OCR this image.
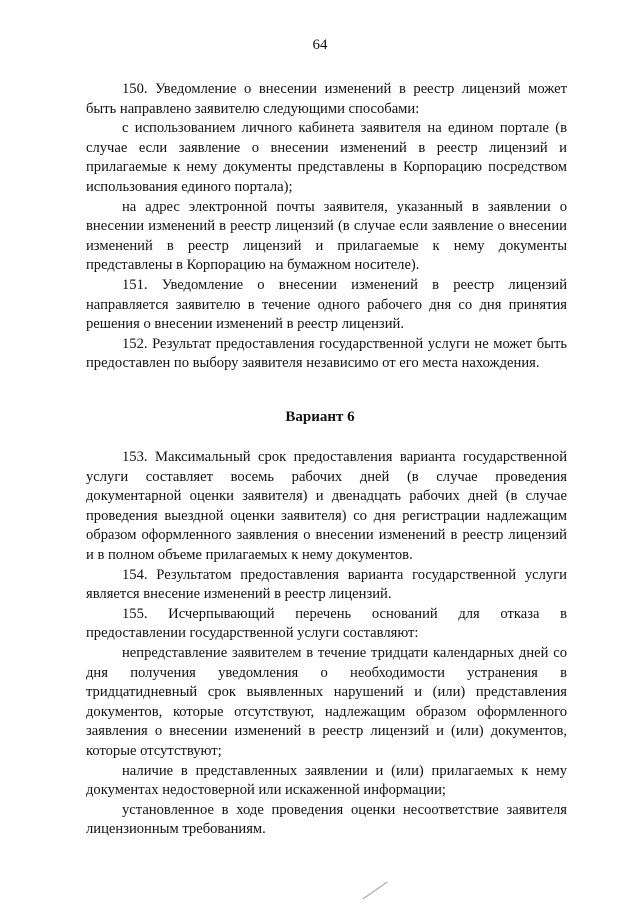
64

150. Уведомление о внесении изменений в реестр лицензий может быть направлено заявителю следующими способами:

с использованием личного кабинета заявителя на едином портале (в случае если заявление о внесении изменений в реестр лицензий и прилагаемые к нему документы представлены в Корпорацию посредством использования единого портала);

на адрес электронной почты заявителя, указанный в заявлении о внесении изменений в реестр лицензий (в случае если заявление о внесении изменений в реестр лицензий и прилагаемые к нему документы представлены в Корпорацию на бумажном носителе).

151. Уведомление о внесении изменений в реестр лицензий направляется заявителю в течение одного рабочего дня со дня принятия решения о внесении изменений в реестр лицензий.

152. Результат предоставления государственной услуги не может быть предоставлен по выбору заявителя независимо от его места нахождения.

Вариант 6

153. Максимальный срок предоставления варианта государственной услуги составляет восемь рабочих дней (в случае проведения документарной оценки заявителя) и двенадцать рабочих дней (в случае проведения выездной оценки заявителя) со дня регистрации надлежащим образом оформленного заявления о внесении изменений в реестр лицензий и в полном объеме прилагаемых к нему документов.

154. Результатом предоставления варианта государственной услуги является внесение изменений в реестр лицензий.

155. Исчерпывающий перечень оснований для отказа в предоставлении государственной услуги составляют:

непредставление заявителем в течение тридцати календарных дней со дня получения уведомления о необходимости устранения в тридцатидневный срок выявленных нарушений и (или) представления документов, которые отсутствуют, надлежащим образом оформленного заявления о внесении изменений в реестр лицензий и (или) документов, которые отсутствуют;

наличие в представленных заявлении и (или) прилагаемых к нему документах недостоверной или искаженной информации;

установленное в ходе проведения оценки несоответствие заявителя лицензионным требованиям.
